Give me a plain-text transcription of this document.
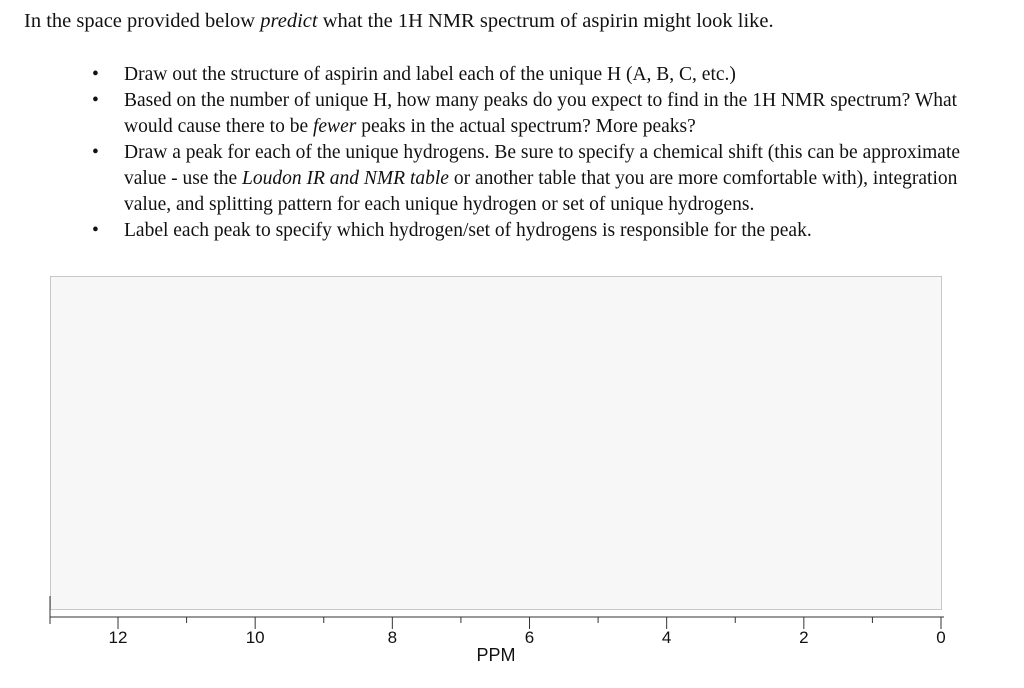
In the space provided below predict what the 1H NMR spectrum of aspirin might look like.
• Draw out the structure of aspirin and label each of the unique H (A, B, C, etc.)
• Based on the number of unique H, how many peaks do you expect to find in the 1H NMR spectrum? What would cause there to be fewer peaks in the actual spectrum? More peaks?
• Draw a peak for each of the unique hydrogens. Be sure to specify a chemical shift (this can be approximate value - use the Loudon IR and NMR table or another table that you are more comfortable with), integration value, and splitting pattern for each unique hydrogen or set of unique hydrogens.
• Label each peak to specify which hydrogen/set of hydrogens is responsible for the peak.
12	10	8	6	4	2	0
PPM
